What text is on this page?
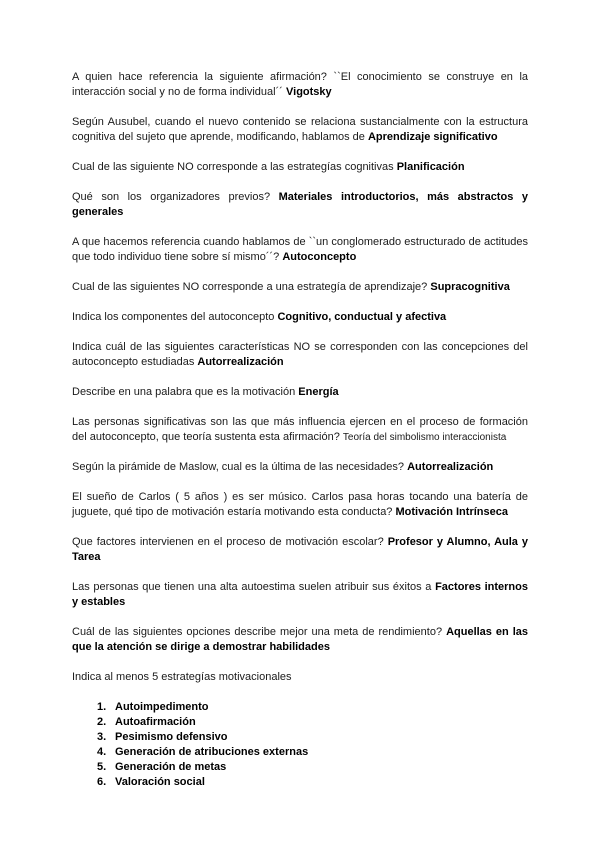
A quien hace referencia la siguiente afirmación? ``El conocimiento se construye en la interacción social y no de forma individual´´ Vigotsky

Según Ausubel, cuando el nuevo contenido se relaciona sustancialmente con la estructura cognitiva del sujeto que aprende, modificando, hablamos de Aprendizaje significativo

Cual de las siguiente NO corresponde a las estrategías cognitivas Planificación

Qué son los organizadores previos? Materiales introductorios, más abstractos y generales

A que hacemos referencia cuando hablamos de ``un conglomerado estructurado de actitudes que todo individuo tiene sobre sí mismo´´? Autoconcepto

Cual de las siguientes NO corresponde a una estrategía de aprendizaje? Supracognitiva

Indica los componentes del autoconcepto Cognitivo, conductual y afectiva

Indica cuál de las siguientes características NO se corresponden con las concepciones del autoconcepto estudiadas Autorrealización

Describe en una palabra que es la motivación Energía

Las personas significativas son las que más influencia ejercen en el proceso de formación del autoconcepto, que teoría sustenta esta afirmación? Teoría del simbolismo interaccionista

Según la pirámide de Maslow, cual es la última de las necesidades? Autorrealización

El sueño de Carlos ( 5 años ) es ser músico. Carlos pasa horas tocando una batería de juguete, qué tipo de motivación estaría motivando esta conducta? Motivación Intrínseca

Que factores intervienen en el proceso de motivación escolar? Profesor y Alumno, Aula y Tarea

Las personas que tienen una alta autoestima suelen atribuir sus éxitos a Factores internos y estables

Cuál de las siguientes opciones describe mejor una meta de rendimiento? Aquellas en las que la atención se dirige a demostrar habilidades

Indica al menos 5 estrategías motivacionales

1. Autoimpedimento
2. Autoafirmación
3. Pesimismo defensivo
4. Generación de atribuciones externas
5. Generación de metas
6. Valoración social
